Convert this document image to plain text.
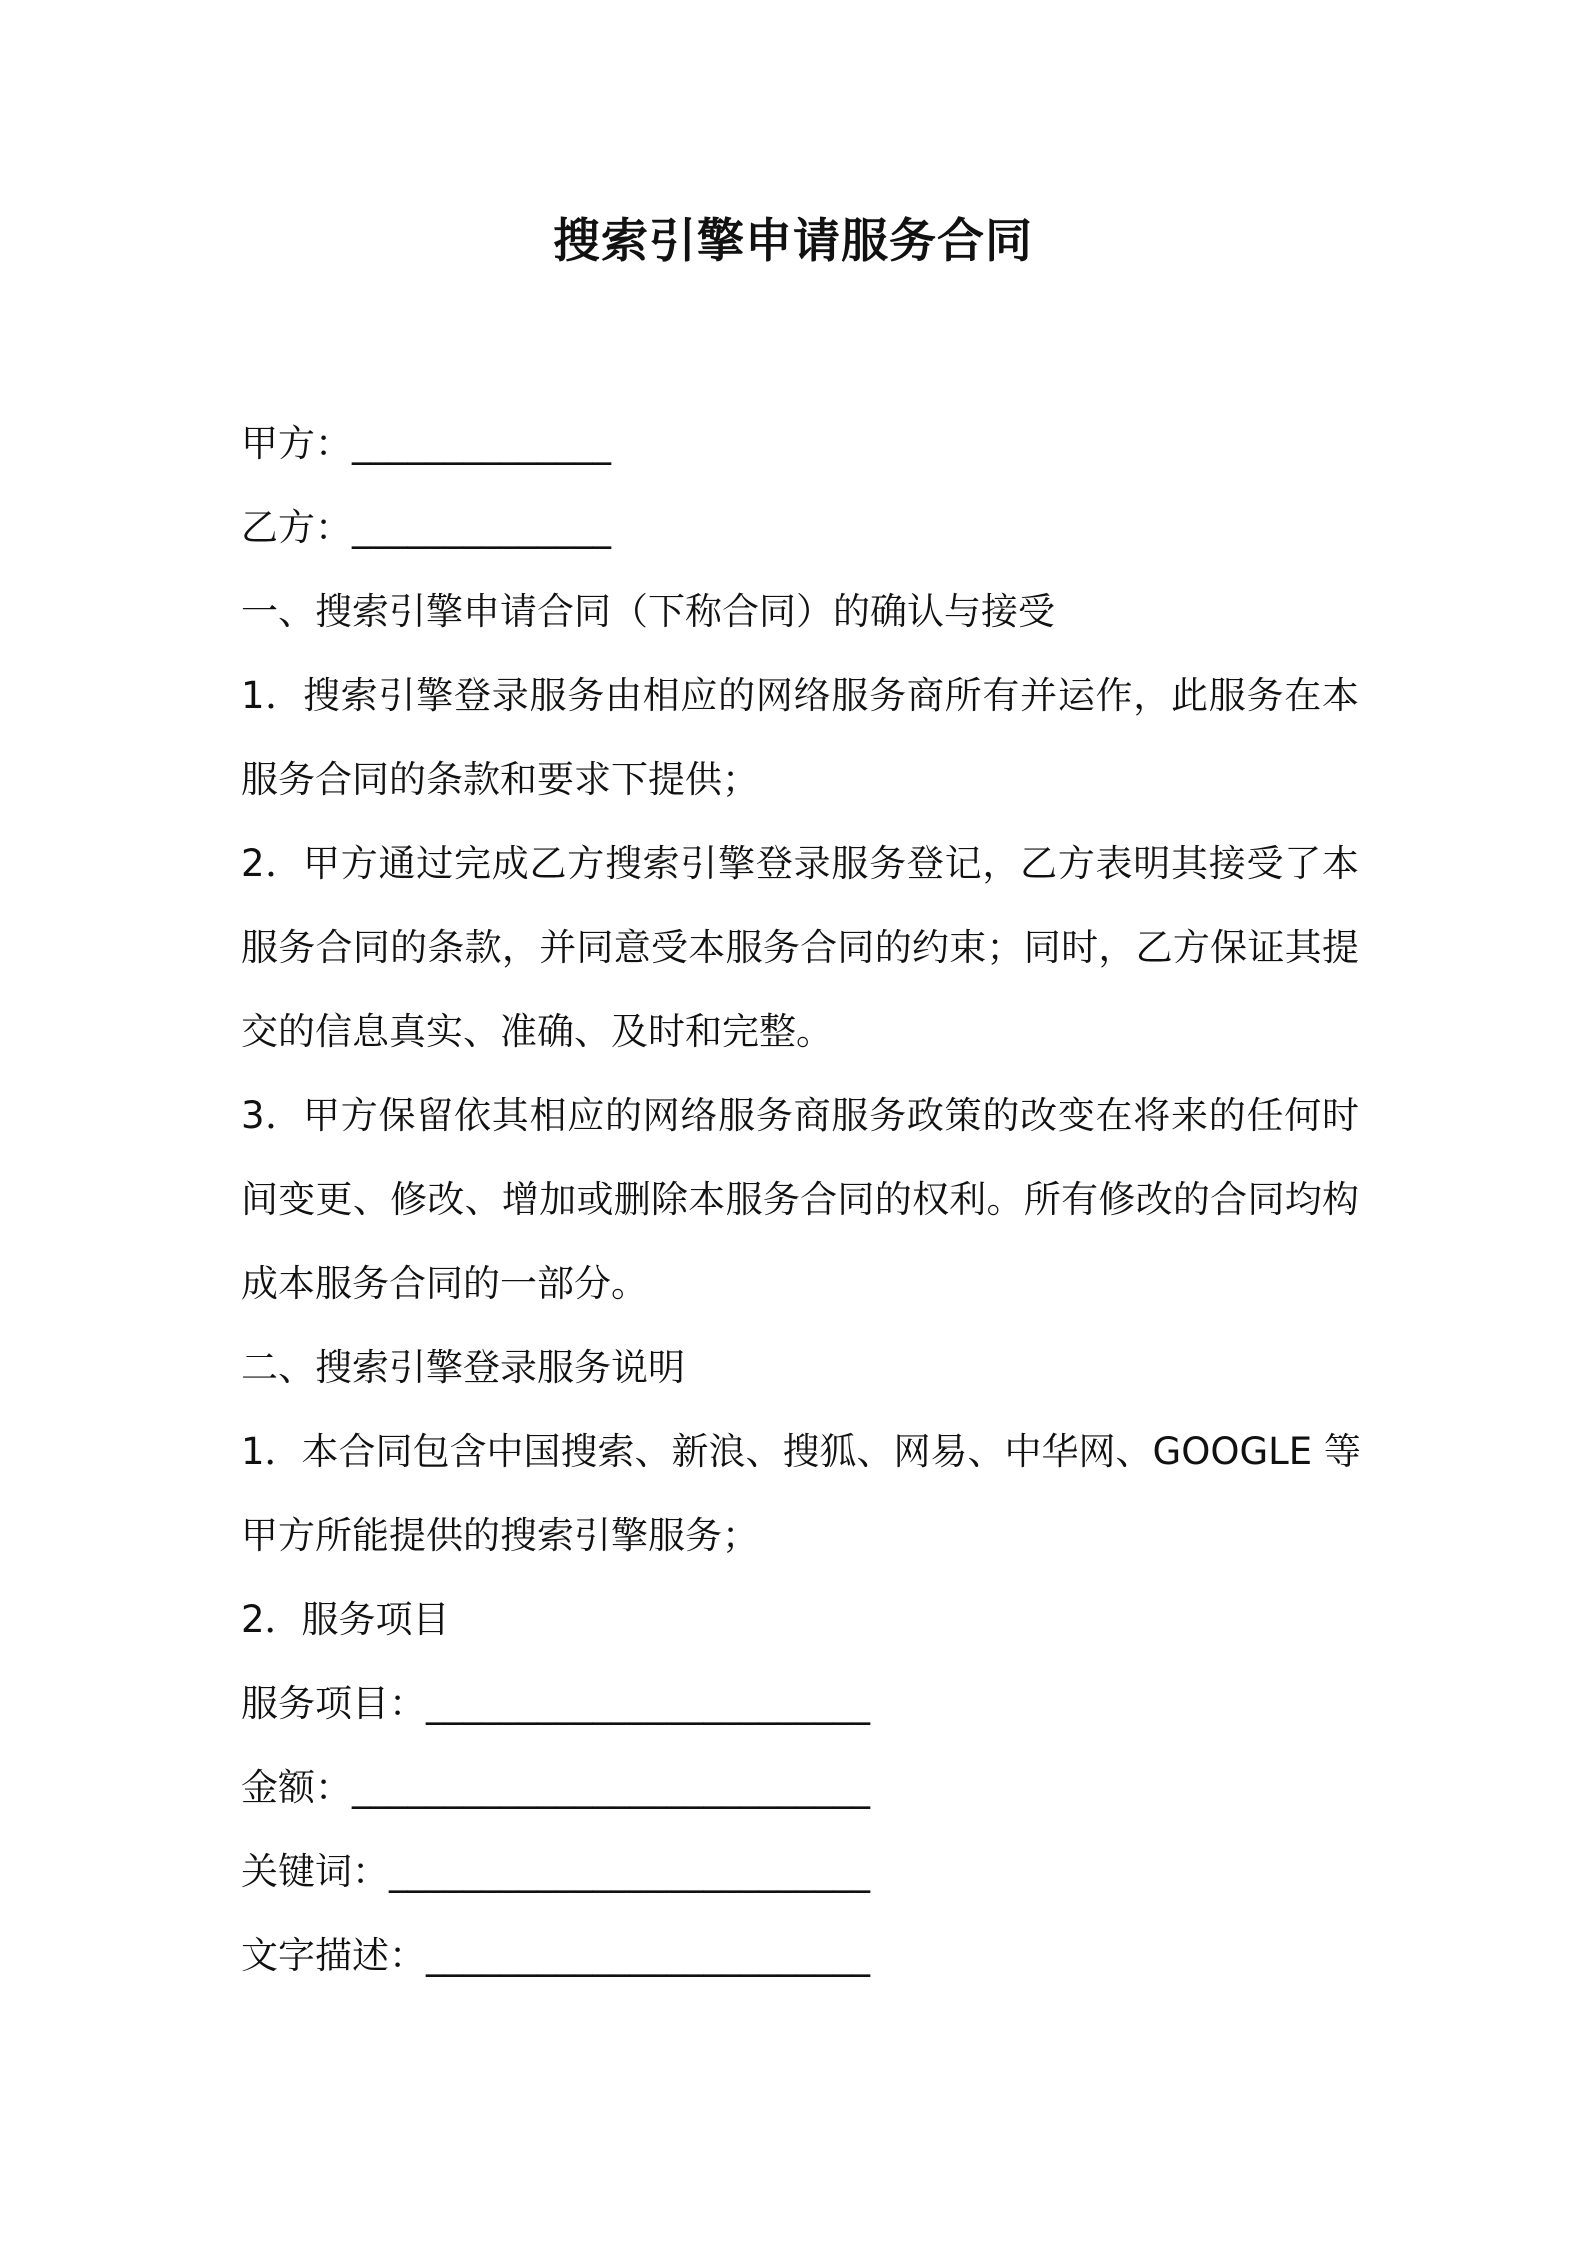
搜索引擎申请服务合同

甲方：______________

乙方：______________

一、搜索引擎申请合同（下称合同）的确认与接受

1．搜索引擎登录服务由相应的网络服务商所有并运作，此服务在本

服务合同的条款和要求下提供；

2．甲方通过完成乙方搜索引擎登录服务登记，乙方表明其接受了本

服务合同的条款，并同意受本服务合同的约束；同时，乙方保证其提

交的信息真实、准确、及时和完整。

3．甲方保留依其相应的网络服务商服务政策的改变在将来的任何时

间变更、修改、增加或删除本服务合同的权利。所有修改的合同均构

成本服务合同的一部分。

二、搜索引擎登录服务说明

1．本合同包含中国搜索、新浪、搜狐、网易、中华网、GOOGLE 等

甲方所能提供的搜索引擎服务；

2．服务项目

服务项目：________________________

金额：____________________________

关键词：__________________________

文字描述：________________________
